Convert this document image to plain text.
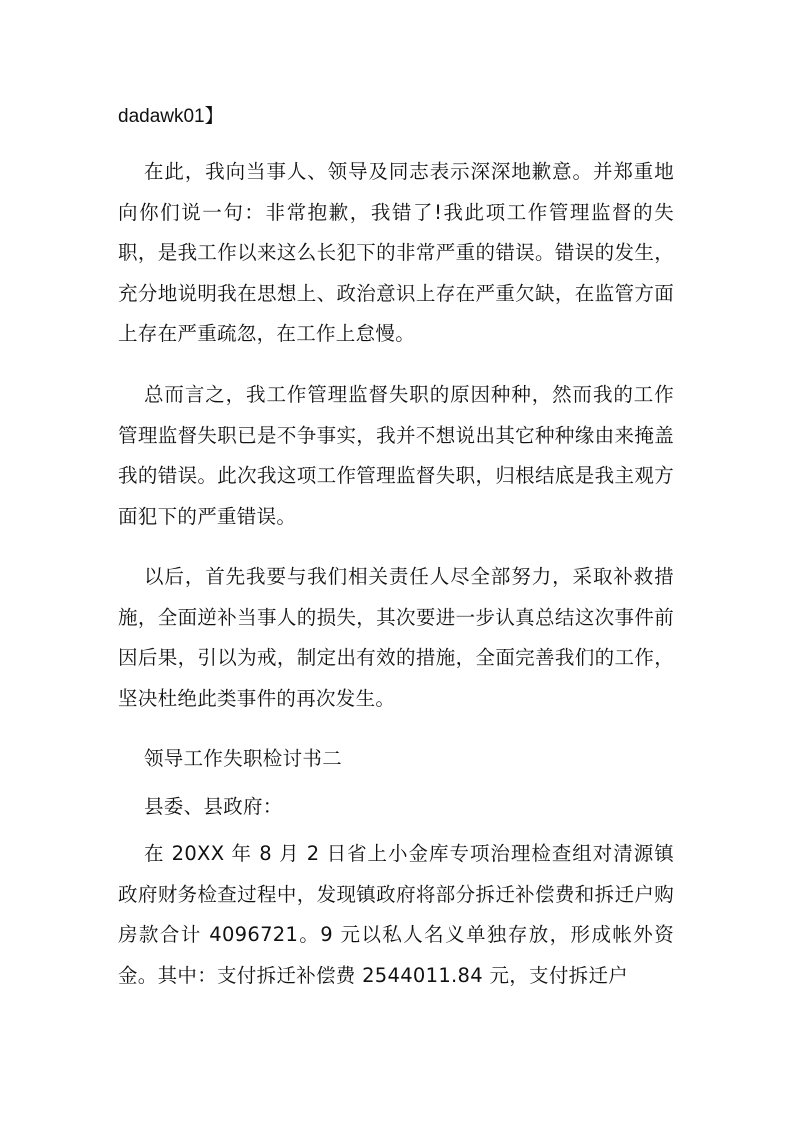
dadawk01】

在此，我向当事人、领导及同志表示深深地歉意。并郑重地向你们说一句：非常抱歉，我错了!我此项工作管理监督的失职，是我工作以来这么长犯下的非常严重的错误。错误的发生，充分地说明我在思想上、政治意识上存在严重欠缺，在监管方面上存在严重疏忽，在工作上怠慢。

总而言之，我工作管理监督失职的原因种种，然而我的工作管理监督失职已是不争事实，我并不想说出其它种种缘由来掩盖我的错误。此次我这项工作管理监督失职，归根结底是我主观方面犯下的严重错误。

以后，首先我要与我们相关责任人尽全部努力，采取补救措施，全面逆补当事人的损失，其次要进一步认真总结这次事件前因后果，引以为戒，制定出有效的措施，全面完善我们的工作，坚决杜绝此类事件的再次发生。

领导工作失职检讨书二

县委、县政府：

在 20XX 年 8 月 2 日省上小金库专项治理检查组对清源镇政府财务检查过程中，发现镇政府将部分拆迁补偿费和拆迁户购房款合计 4096721。9 元以私人名义单独存放，形成帐外资金。其中：支付拆迁补偿费 2544011.84 元，支付拆迁户
